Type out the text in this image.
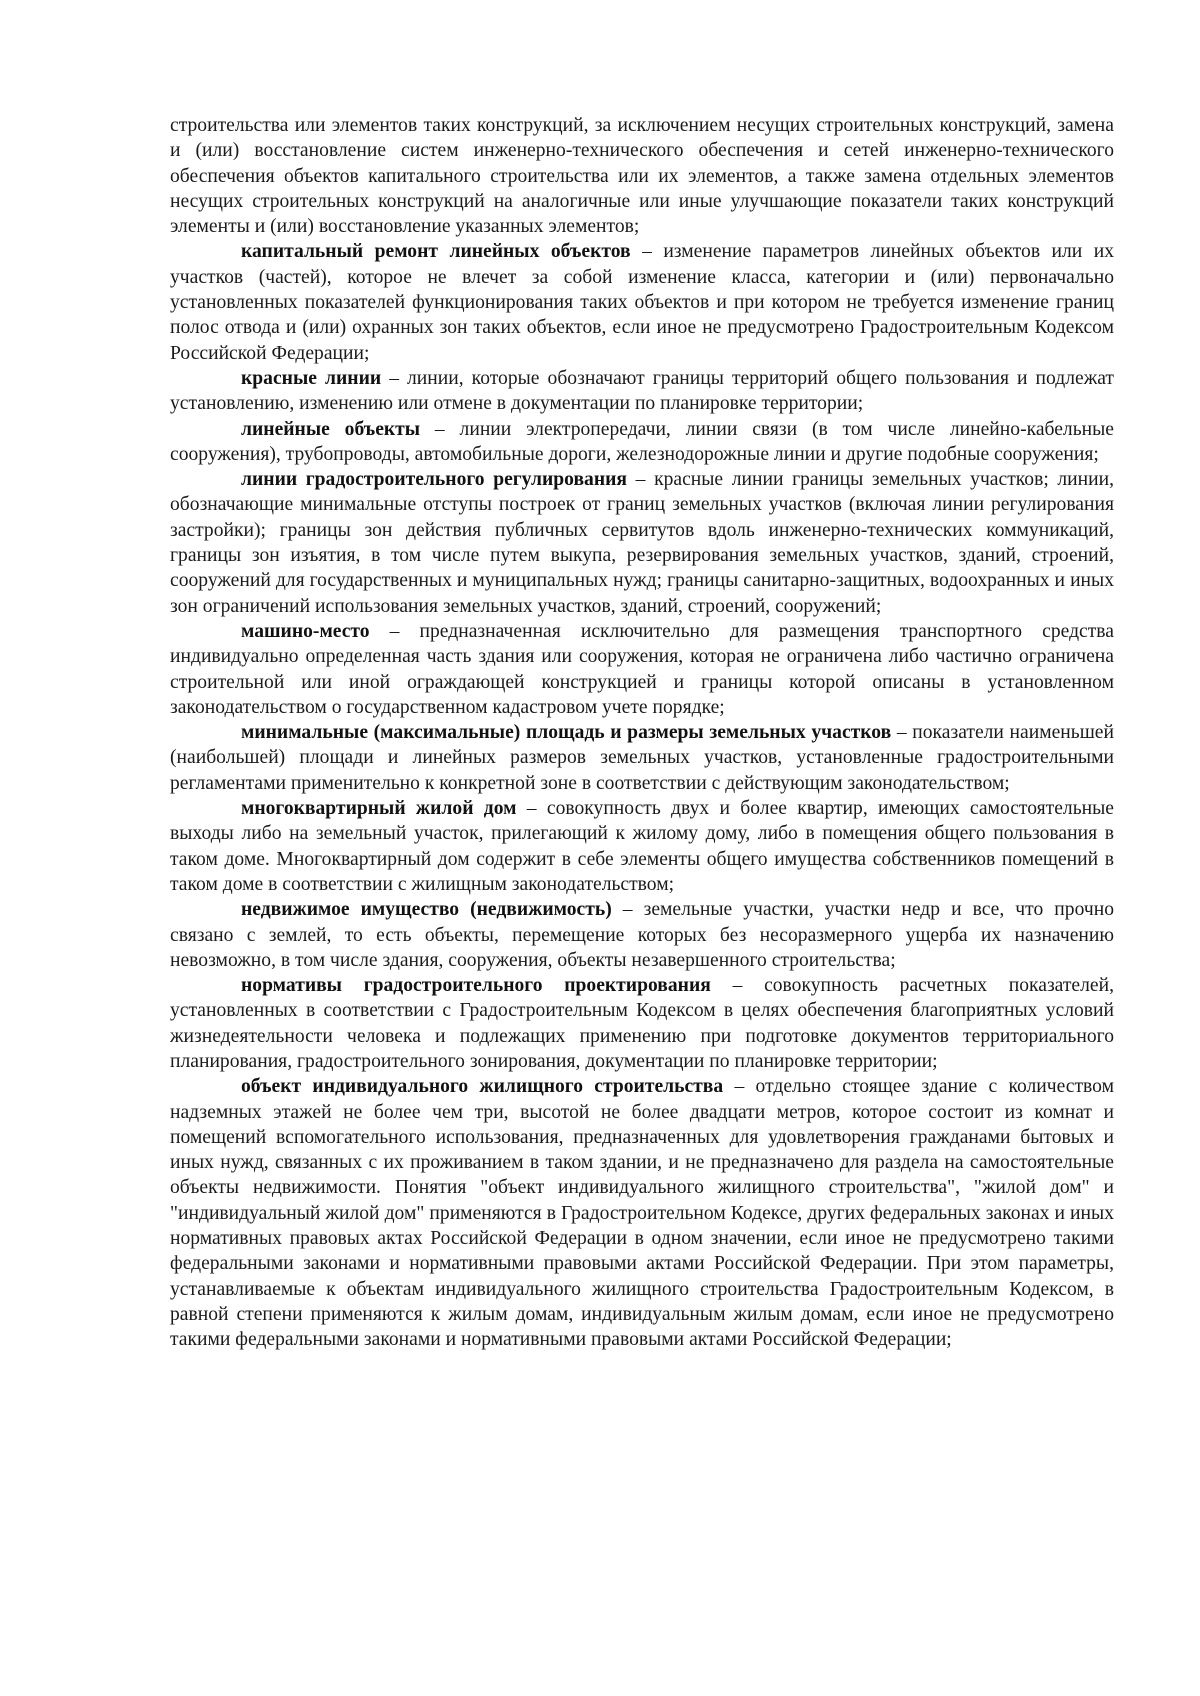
строительства или элементов таких конструкций, за исключением несущих строительных конструкций, замена и (или) восстановление систем инженерно-технического обеспечения и сетей инженерно-технического обеспечения объектов капитального строительства или их элементов, а также замена отдельных элементов несущих строительных конструкций на аналогичные или иные улучшающие показатели таких конструкций элементы и (или) восстановление указанных элементов;

капитальный ремонт линейных объектов – изменение параметров линейных объектов или их участков (частей), которое не влечет за собой изменение класса, категории и (или) первоначально установленных показателей функционирования таких объектов и при котором не требуется изменение границ полос отвода и (или) охранных зон таких объектов, если иное не предусмотрено Градостроительным Кодексом Российской Федерации;

красные линии – линии, которые обозначают границы территорий общего пользования и подлежат установлению, изменению или отмене в документации по планировке территории;

линейные объекты – линии электропередачи, линии связи (в том числе линейно-кабельные сооружения), трубопроводы, автомобильные дороги, железнодорожные линии и другие подобные сооружения;

линии градостроительного регулирования – красные линии границы земельных участков; линии, обозначающие минимальные отступы построек от границ земельных участков (включая линии регулирования застройки); границы зон действия публичных сервитутов вдоль инженерно-технических коммуникаций, границы зон изъятия, в том числе путем выкупа, резервирования земельных участков, зданий, строений, сооружений для государственных и муниципальных нужд; границы санитарно-защитных, водоохранных и иных зон ограничений использования земельных участков, зданий, строений, сооружений;

машино-место – предназначенная исключительно для размещения транспортного средства индивидуально определенная часть здания или сооружения, которая не ограничена либо частично ограничена строительной или иной ограждающей конструкцией и границы которой описаны в установленном законодательством о государственном кадастровом учете порядке;

минимальные (максимальные) площадь и размеры земельных участков – показатели наименьшей (наибольшей) площади и линейных размеров земельных участков, установленные градостроительными регламентами применительно к конкретной зоне в соответствии с действующим законодательством;

многоквартирный жилой дом – совокупность двух и более квартир, имеющих самостоятельные выходы либо на земельный участок, прилегающий к жилому дому, либо в помещения общего пользования в таком доме. Многоквартирный дом содержит в себе элементы общего имущества собственников помещений в таком доме в соответствии с жилищным законодательством;

недвижимое имущество (недвижимость) – земельные участки, участки недр и все, что прочно связано с землей, то есть объекты, перемещение которых без несоразмерного ущерба их назначению невозможно, в том числе здания, сооружения, объекты незавершенного строительства;

нормативы градостроительного проектирования – совокупность расчетных показателей, установленных в соответствии с Градостроительным Кодексом в целях обеспечения благоприятных условий жизнедеятельности человека и подлежащих применению при подготовке документов территориального планирования, градостроительного зонирования, документации по планировке территории;

объект индивидуального жилищного строительства – отдельно стоящее здание с количеством надземных этажей не более чем три, высотой не более двадцати метров, которое состоит из комнат и помещений вспомогательного использования, предназначенных для удовлетворения гражданами бытовых и иных нужд, связанных с их проживанием в таком здании, и не предназначено для раздела на самостоятельные объекты недвижимости. Понятия "объект индивидуального жилищного строительства", "жилой дом" и "индивидуальный жилой дом" применяются в Градостроительном Кодексе, других федеральных законах и иных нормативных правовых актах Российской Федерации в одном значении, если иное не предусмотрено такими федеральными законами и нормативными правовыми актами Российской Федерации. При этом параметры, устанавливаемые к объектам индивидуального жилищного строительства Градостроительным Кодексом, в равной степени применяются к жилым домам, индивидуальным жилым домам, если иное не предусмотрено такими федеральными законами и нормативными правовыми актами Российской Федерации;
